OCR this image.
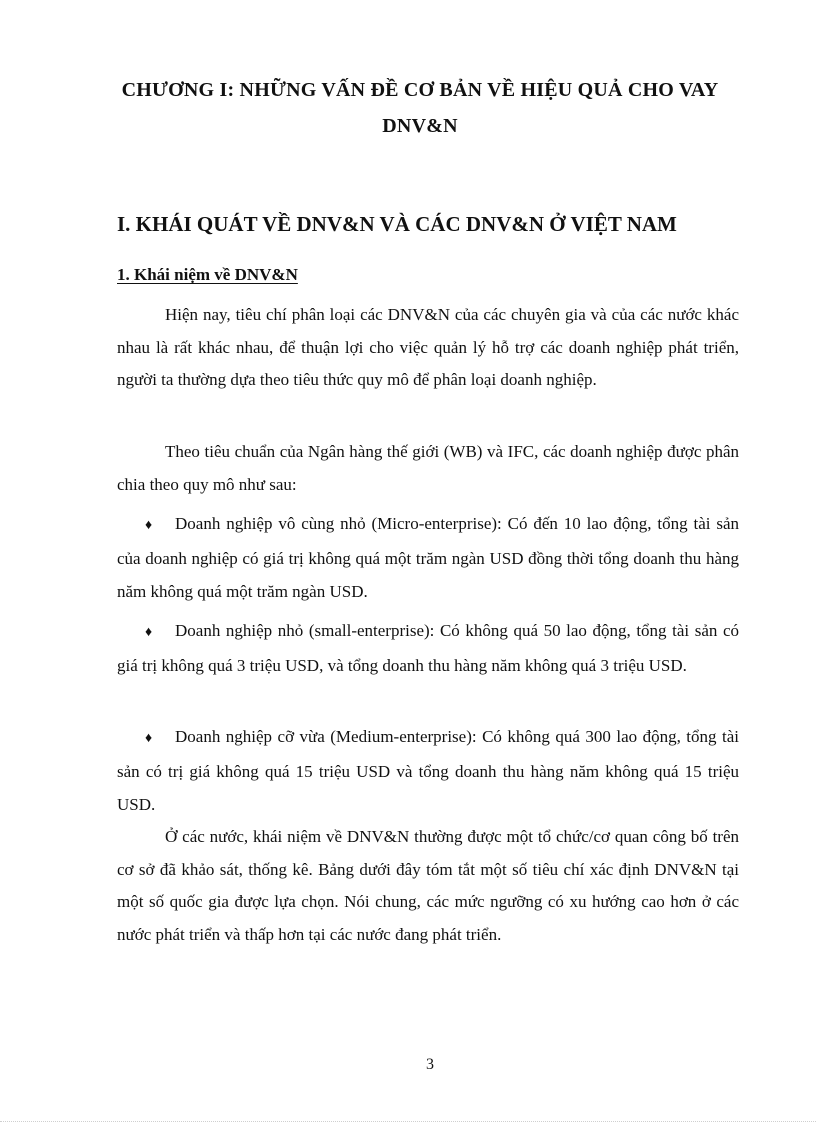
CHƯƠNG I: NHỮNG VẤN ĐỀ CƠ BẢN VỀ HIỆU QUẢ CHO VAY DNV&N
I. KHÁI QUÁT VỀ DNV&N VÀ CÁC DNV&N Ở VIỆT NAM
1. Khái niệm về DNV&N

Hiện nay, tiêu chí phân loại các DNV&N của các chuyên gia và của các nước khác nhau là rất khác nhau, để thuận lợi cho việc quản lý hỗ trợ các doanh nghiệp phát triển, người ta thường dựa theo tiêu thức quy mô để phân loại doanh nghiệp.

Theo tiêu chuẩn của Ngân hàng thế giới (WB) và IFC, các doanh nghiệp được phân chia theo quy mô như sau:

♦ Doanh nghiệp vô cùng nhỏ (Micro-enterprise): Có đến 10 lao động, tổng tài sản của doanh nghiệp có giá trị không quá một trăm ngàn USD đồng thời tổng doanh thu hàng năm không quá một trăm ngàn USD.

♦ Doanh nghiệp nhỏ (small-enterprise): Có không quá 50 lao động, tổng tài sản có giá trị không quá 3 triệu USD, và tổng doanh thu hàng năm không quá 3 triệu USD.

♦ Doanh nghiệp cỡ vừa (Medium-enterprise): Có không quá 300 lao động, tổng tài sản có trị giá không quá 15 triệu USD và tổng doanh thu hàng năm không quá 15 triệu USD.

Ở các nước, khái niệm về DNV&N thường được một tổ chức/cơ quan công bố trên cơ sở đã khảo sát, thống kê. Bảng dưới đây tóm tắt một số tiêu chí xác định DNV&N tại một số quốc gia được lựa chọn. Nói chung, các mức ngưỡng có xu hướng cao hơn ở các nước phát triển và thấp hơn tại các nước đang phát triển.

3
